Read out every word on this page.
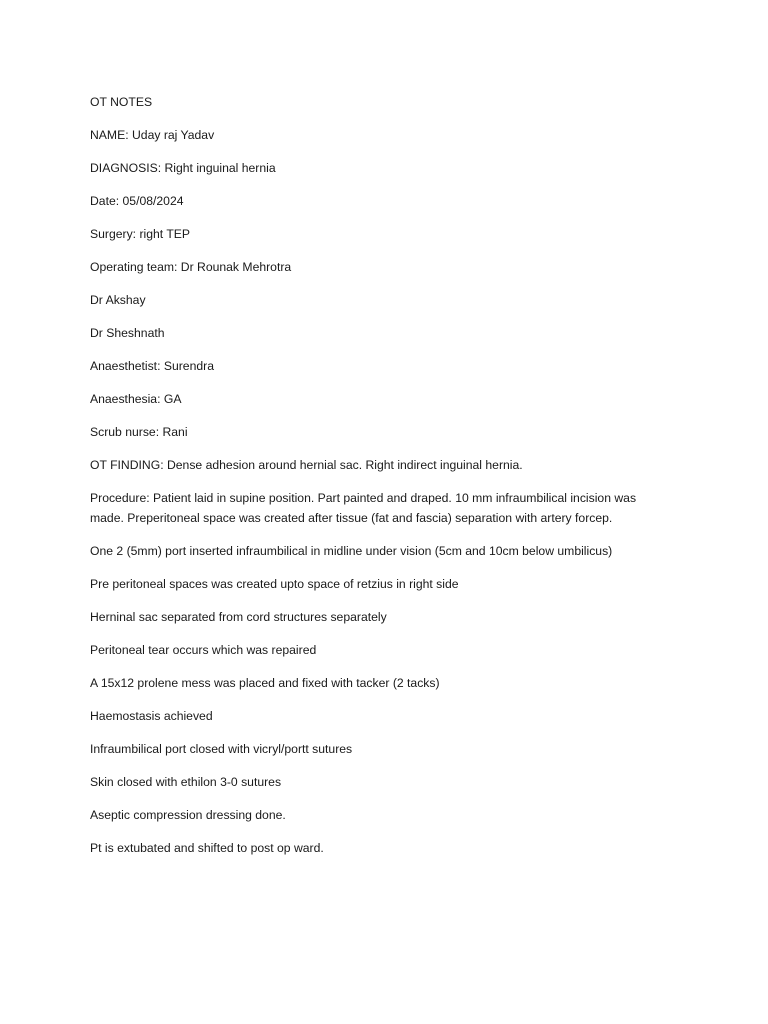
OT NOTES

NAME: Uday raj Yadav

DIAGNOSIS: Right inguinal hernia

Date: 05/08/2024

Surgery: right TEP

Operating team: Dr Rounak Mehrotra

Dr Akshay

Dr Sheshnath

Anaesthetist: Surendra

Anaesthesia: GA

Scrub nurse: Rani

OT FINDING: Dense adhesion around hernial sac. Right indirect inguinal hernia.

Procedure: Patient laid in supine position. Part painted and draped. 10 mm infraumbilical incision was made. Preperitoneal space was created after tissue (fat and fascia) separation with artery forcep.

One 2 (5mm) port inserted infraumbilical in midline under vision (5cm and 10cm below umbilicus)

Pre peritoneal spaces was created upto space of retzius in right side

Herninal sac separated from cord structures separately

Peritoneal tear occurs which was repaired

A 15x12 prolene mess was placed and fixed with tacker (2 tacks)

Haemostasis achieved

Infraumbilical port closed with vicryl/portt sutures

Skin closed with ethilon 3-0 sutures

Aseptic compression dressing done.

Pt is extubated and shifted to post op ward.
